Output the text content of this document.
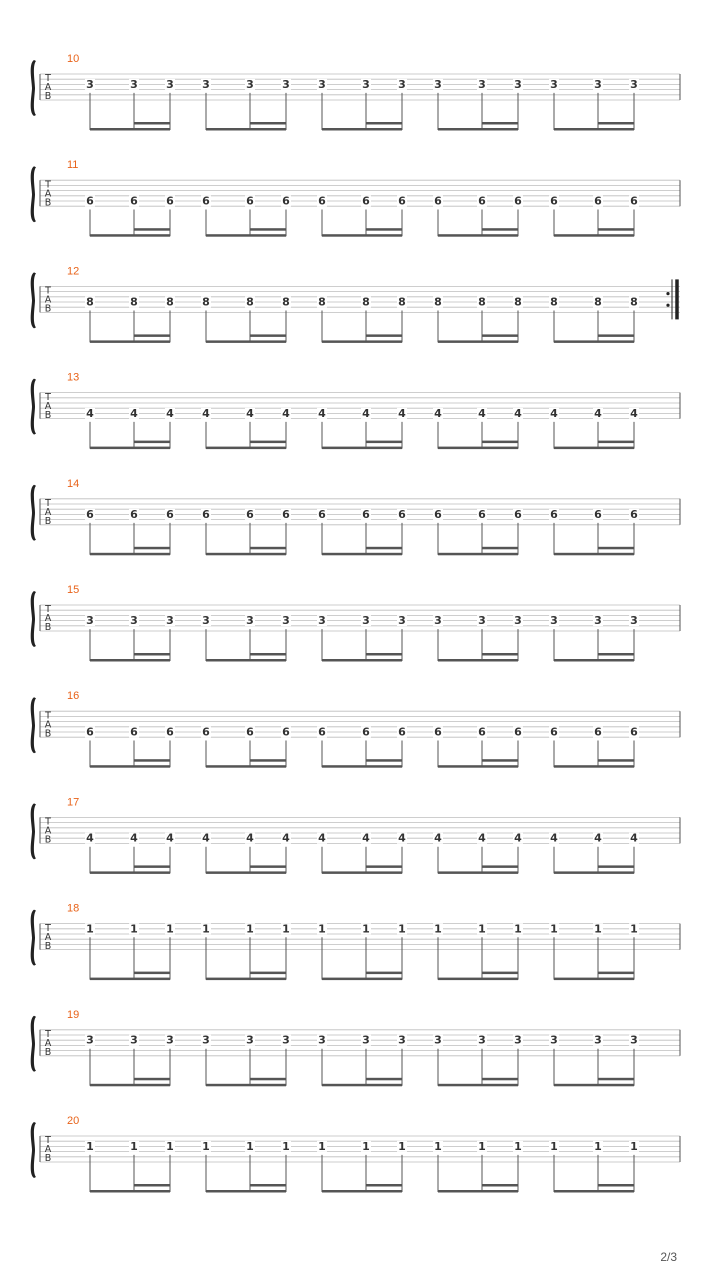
10
T
A
B
3	3	3	3	3	3	3	3	3	3	3	3	3	3	3
11
T
A
B	6	6	6	6	6	6	6	6	6	6	6	6	6	6	6
12
T
A
B
8	8	8	8	8	8	8	8	8	8	8	8	8	8	8
13
T
A
B	4	4	4	4	4	4	4	4	4	4	4	4	4	4	4
14
T
A
B
6	6	6	6	6	6	6	6	6	6	6	6	6	6	6
15
T
A
B
3	3	3	3	3	3	3	3	3	3	3	3	3	3	3
16
T
A
B	6	6	6	6	6	6	6	6	6	6	6	6	6	6	6
17
T
A
B	4	4	4	4	4	4	4	4	4	4	4	4	4	4	4
18
T
A
B
1	1	1	1	1	1	1	1	1	1	1	1	1	1	1
19
T
A
B
3	3	3	3	3	3	3	3	3	3	3	3	3	3	3
20
T
A
B
1	1	1	1	1	1	1	1	1	1	1	1	1	1	1
2/3
